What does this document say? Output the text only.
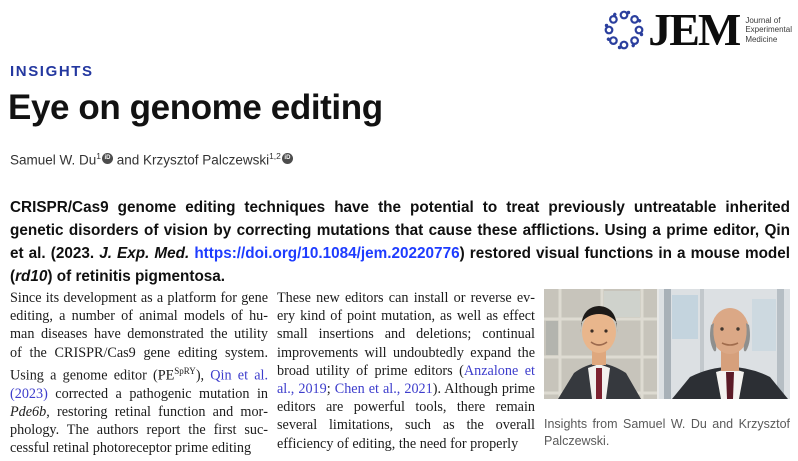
JEM Journal of
Experimental
Medicine
INSIGHTS
Eye on genome editing
Samuel W. Du$^1$ iD and Krzysztof Palczewski$^{1,2}$ iD

CRISPR/Cas9 genome editing techniques have the potential to treat previously untreatable inherited genetic disorders of vision by correcting mutations that cause these afflictions. Using a prime editor, Qin et al. (2023. J. Exp. Med. https://doi.org/10.1084/jem.20220776) restored visual functions in a mouse model (rd10) of retinitis pigmentosa.

Since its development as a platform for gene editing, a number of animal models of human diseases have demonstrated the utility of the CRISPR/Cas9 gene editing system. Using a genome editor $(PE^{SpRY})$, Qin et al. (2023) corrected a pathogenic mutation in Pde6b, restoring retinal function and morphology. The authors report the first successful retinal photoreceptor prime editing
These new editors can install or reverse every kind of point mutation, as well as effect small insertions and deletions; continual improvements will undoubtedly expand the broad utility of prime editors (Anzalone et al., 2019; Chen et al., 2021). Although prime editors are powerful tools, there remain several limitations, such as the overall efficiency of editing, the need for properly
Insights from Samuel W. Du and Krzysztof Palczewski.
